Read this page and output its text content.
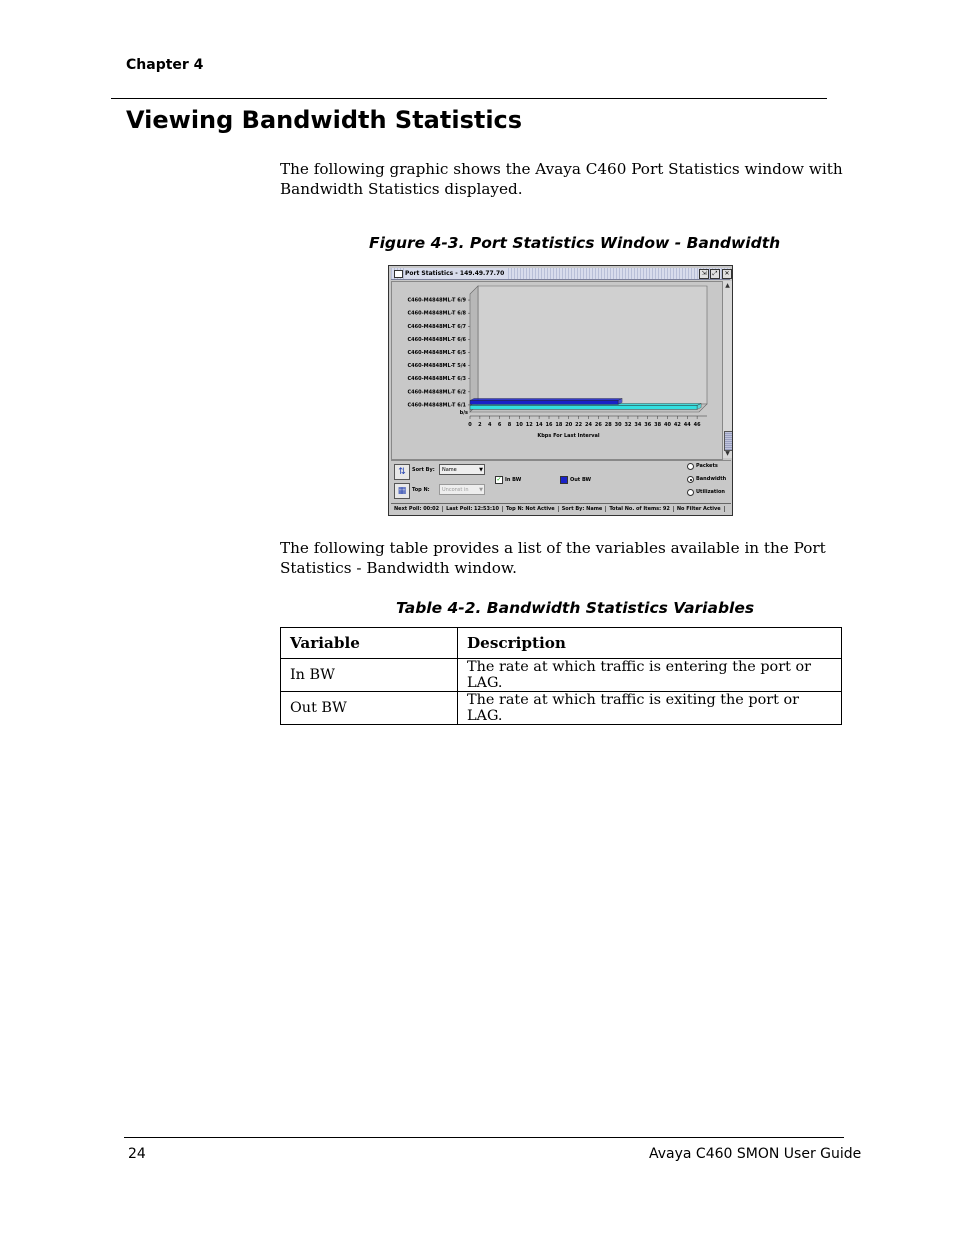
Chapter 4
Viewing Bandwidth Statistics
The following graphic shows the Avaya C460 Port Statistics window with Bandwidth Statistics displayed.
Figure 4-3. Port Statistics Window - Bandwidth
Port Statistics - 149.49.77.70	⇲	⤢	✕
C460-M4848ML-T 6/9
C460-M4848ML-T 6/8
C460-M4848ML-T 6/7
C460-M4848ML-T 6/6
C460-M4848ML-T 6/5
C460-M4848ML-T 5/4
C460-M4848ML-T 6/3
C460-M4848ML-T 6/2
C460-M4848ML-T 6/1
0 2 4 6 8 10 12 14 16 18 20 22 24 26 28 30 32 34 36 38 40 42 44 46
b/s
Kbps For Last Interval
▲
▼
⇅	Sort By:	Name	▼
▦	Top N:	Unconst in ▼
✓ In BW	Out BW
Packets
Bandwidth
Utilization
Next Poll: 00:02 Last Poll: 12:53:10 Top N: Not Active Sort By: Name Total No. of Items: 92 No Filter Active
The following table provides a list of the variables available in the Port Statistics - Bandwidth window.
Table 4-2. Bandwidth Statistics Variables
Variable	Description
In BW	The rate at which traffic is entering the port or LAG.
Out BW	The rate at which traffic is exiting the port or LAG.
24	Avaya C460 SMON User Guide
